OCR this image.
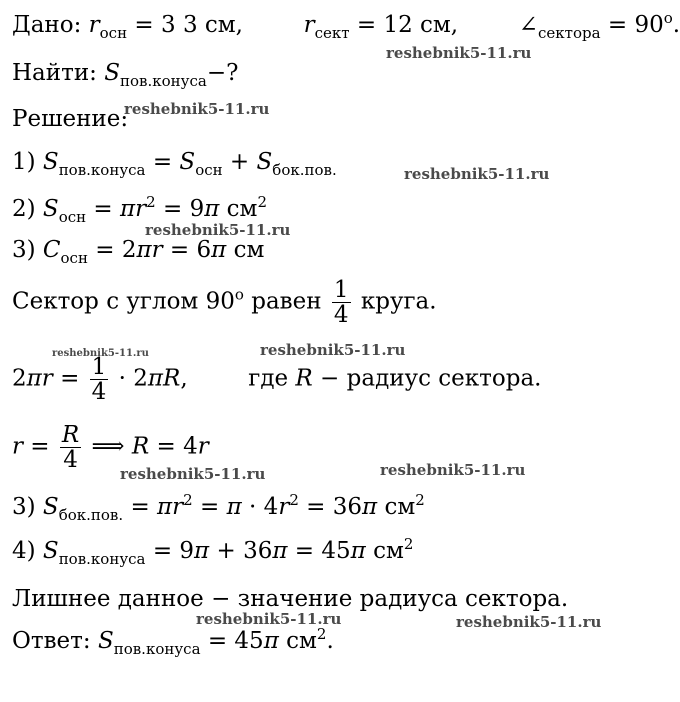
Дано: $r_{осн} = 3$ 3 см,	$r_{сект} = 12$ см,	$\angle_{сектора} = 90^o$.
Найти: $S_{пов.конуса}-$?
Решение:
1) $S_{пов.конуса} = S_{осн} + S_{бок.пов.}$
2) $S_{осн} = \pi r^2 = 9\pi$ $см^2$
3) $C_{осн} = 2\pi r = 6\pi$ см
Сектор с углом 90$^o$ равен $\frac{1}{4}$ круга.
$2\pi r = \frac{1}{4} \cdot 2\pi R$,  где R − радиус сектора.
$r = \frac{R}{4}$ ⟹ R = 4r
3) $S_{бок.пов.} = \pi r^2 = \pi \cdot 4r^2 = 36\pi$ $см^2$
4) $S_{пов.конуса} = 9\pi + 36\pi = 45\pi$ $см^2$
Лишнее данное − значение радиуса сектора.
Ответ: $S_{пов.конуса} = 45\pi$ $см^2$.
reshebnik5-11.ru
reshebnik5-11.ru
reshebnik5-11.ru
reshebnik5-11.ru
reshebnik5-11.ru	reshebnik5-11.ru
reshebnik5-11.ru	reshebnik5-11.ru
reshebnik5-11.ru	reshebnik5-11.ru
